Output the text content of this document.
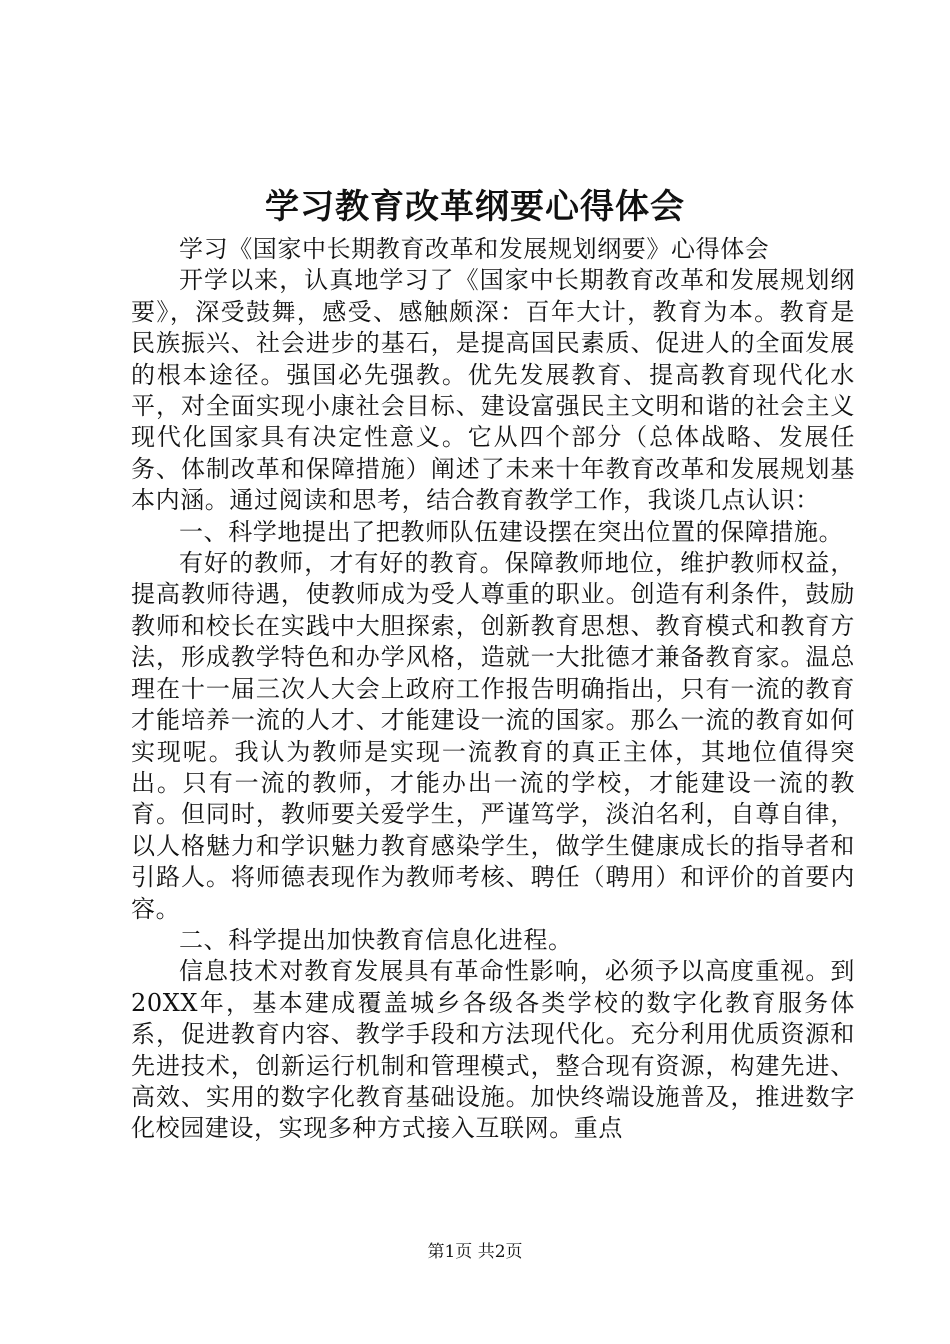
学习教育改革纲要心得体会

学习《国家中长期教育改革和发展规划纲要》心得体会

开学以来，认真地学习了《国家中长期教育改革和发展规划纲要》，深受鼓舞，感受、感触颇深：百年大计，教育为本。教育是民族振兴、社会进步的基石，是提高国民素质、促进人的全面发展的根本途径。强国必先强教。优先发展教育、提高教育现代化水平，对全面实现小康社会目标、建设富强民主文明和谐的社会主义现代化国家具有决定性意义。它从四个部分（总体战略、发展任务、体制改革和保障措施）阐述了未来十年教育改革和发展规划基本内涵。通过阅读和思考，结合教育教学工作，我谈几点认识：

一、科学地提出了把教师队伍建设摆在突出位置的保障措施。

有好的教师，才有好的教育。保障教师地位，维护教师权益，提高教师待遇，使教师成为受人尊重的职业。创造有利条件，鼓励教师和校长在实践中大胆探索，创新教育思想、教育模式和教育方法，形成教学特色和办学风格，造就一大批德才兼备教育家。温总理在十一届三次人大会上政府工作报告明确指出，只有一流的教育才能培养一流的人才、才能建设一流的国家。那么一流的教育如何实现呢。我认为教师是实现一流教育的真正主体，其地位值得突出。只有一流的教师，才能办出一流的学校，才能建设一流的教育。但同时，教师要关爱学生，严谨笃学，淡泊名利，自尊自律，以人格魅力和学识魅力教育感染学生，做学生健康成长的指导者和引路人。将师德表现作为教师考核、聘任（聘用）和评价的首要内容。

二、科学提出加快教育信息化进程。

信息技术对教育发展具有革命性影响，必须予以高度重视。到20XX年，基本建成覆盖城乡各级各类学校的数字化教育服务体系，促进教育内容、教学手段和方法现代化。充分利用优质资源和先进技术，创新运行机制和管理模式，整合现有资源，构建先进、高效、实用的数字化教育基础设施。加快终端设施普及，推进数字化校园建设，实现多种方式接入互联网。重点

第1页 共2页
